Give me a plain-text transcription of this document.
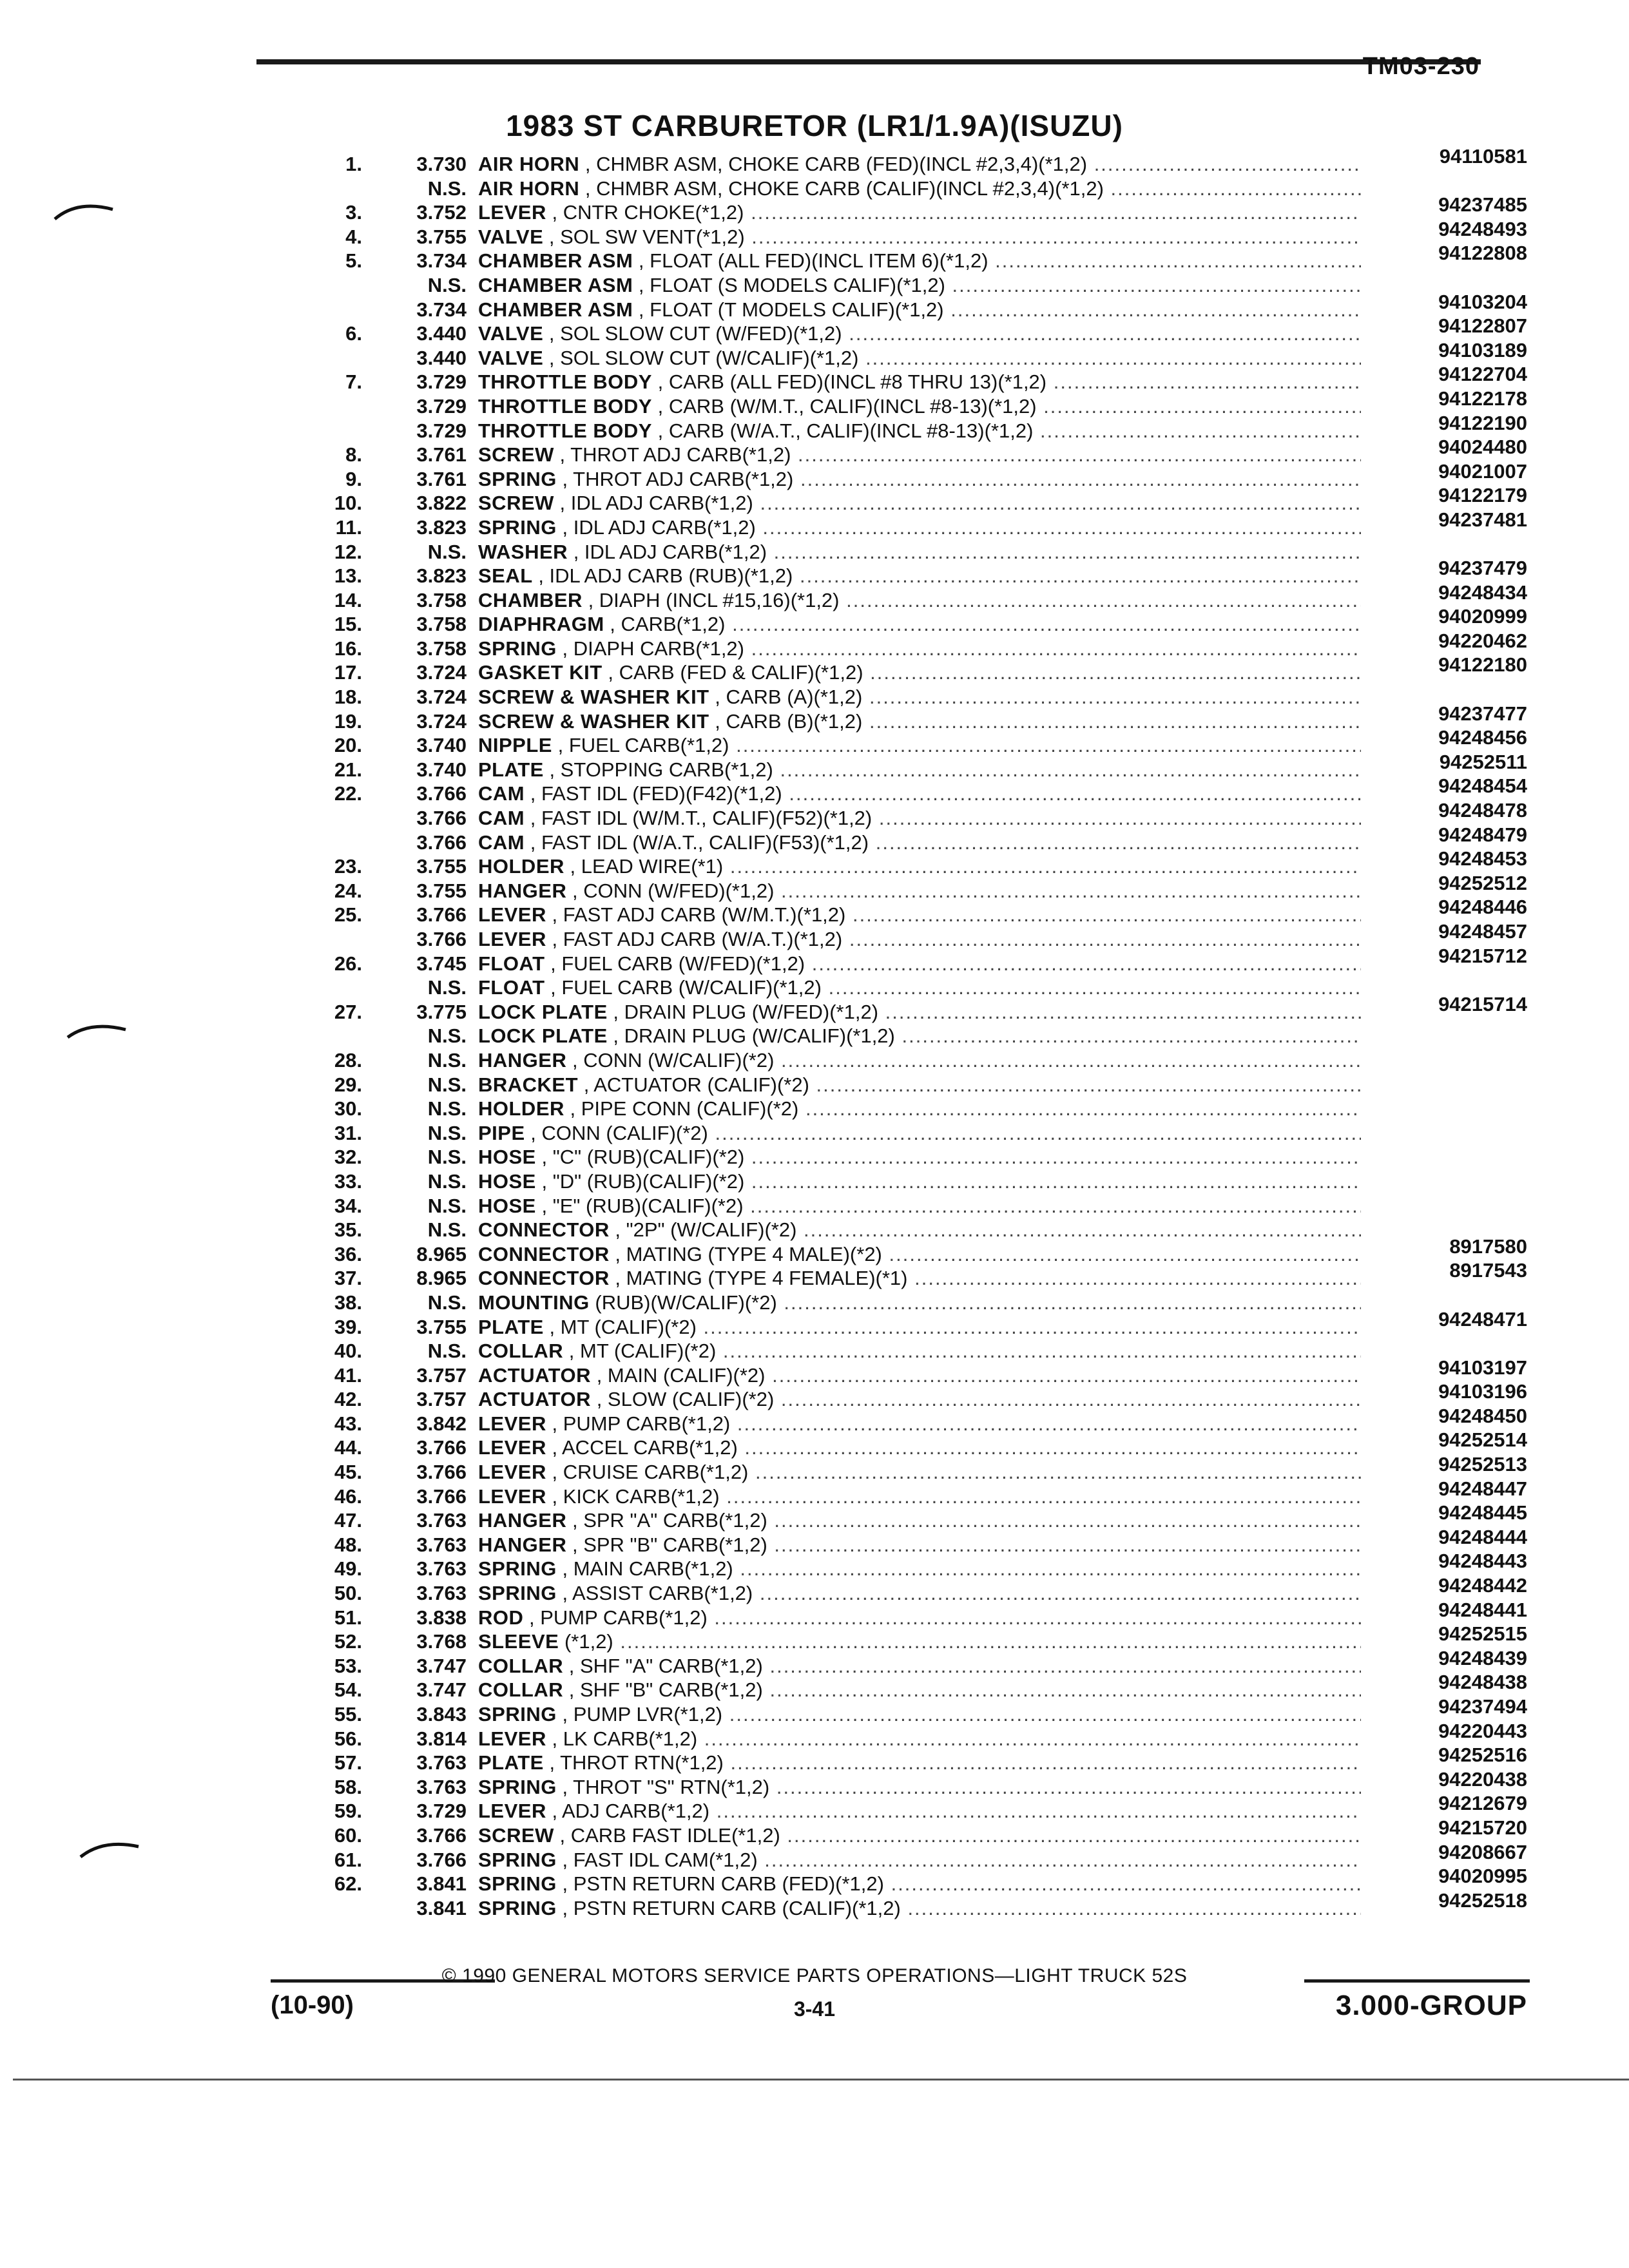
TM03-230
1983 ST CARBURETOR (LR1/1.9A)(ISUZU)
1.	3.730 AIR HORN , CHMBR ASM, CHOKE CARB (FED)(INCL #2,3,4)(*1,2) .....	94110581
N.S. AIR HORN , CHMBR ASM, CHOKE CARB (CALIF)(INCL #2,3,4)(*1,2) .....
3.	3.752 LEVER , CNTR CHOKE(*1,2) .....	94237485
4.	3.755 VALVE , SOL SW VENT(*1,2) .....	94248493
5.	3.734 CHAMBER ASM , FLOAT (ALL FED)(INCL ITEM 6)(*1,2) .....	94122808
N.S. CHAMBER ASM , FLOAT (S MODELS CALIF)(*1,2) .....
3.734 CHAMBER ASM , FLOAT (T MODELS CALIF)(*1,2) .....	94103204
6.	3.440 VALVE , SOL SLOW CUT (W/FED)(*1,2) .....	94122807
3.440 VALVE , SOL SLOW CUT (W/CALIF)(*1,2) .....	94103189
7.	3.729 THROTTLE BODY , CARB (ALL FED)(INCL #8 THRU 13)(*1,2) .....	94122704
3.729 THROTTLE BODY , CARB (W/M.T., CALIF)(INCL #8-13)(*1,2) .....	94122178
3.729 THROTTLE BODY , CARB (W/A.T., CALIF)(INCL #8-13)(*1,2) .....	94122190
8.	3.761 SCREW , THROT ADJ CARB(*1,2) .....	94024480
9.	3.761 SPRING , THROT ADJ CARB(*1,2) .....	94021007
10.	3.822 SCREW , IDL ADJ CARB(*1,2) .....	94122179
11.	3.823 SPRING , IDL ADJ CARB(*1,2) .....	94237481
12.	N.S. WASHER , IDL ADJ CARB(*1,2) .....
13.	3.823 SEAL , IDL ADJ CARB (RUB)(*1,2) .....	94237479
14.	3.758 CHAMBER , DIAPH (INCL #15,16)(*1,2) .....	94248434
15.	3.758 DIAPHRAGM , CARB(*1,2) .....	94020999
16.	3.758 SPRING , DIAPH CARB(*1,2) .....	94220462
17.	3.724 GASKET KIT , CARB (FED & CALIF)(*1,2) .....	94122180
18.	3.724 SCREW & WASHER KIT , CARB (A)(*1,2) .....
19.	3.724 SCREW & WASHER KIT , CARB (B)(*1,2) .....	94237477
20.	3.740 NIPPLE , FUEL CARB(*1,2) .....	94248456
21.	3.740 PLATE , STOPPING CARB(*1,2) .....	94252511
22.	3.766 CAM , FAST IDL (FED)(F42)(*1,2) .....	94248454
3.766 CAM , FAST IDL (W/M.T., CALIF)(F52)(*1,2) .....	94248478
3.766 CAM , FAST IDL (W/A.T., CALIF)(F53)(*1,2) .....	94248479
23.	3.755 HOLDER , LEAD WIRE(*1) .....	94248453
24.	3.755 HANGER , CONN (W/FED)(*1,2) .....	94252512
25.	3.766 LEVER , FAST ADJ CARB (W/M.T.)(*1,2) .....	94248446
3.766 LEVER , FAST ADJ CARB (W/A.T.)(*1,2) .....	94248457
26.	3.745 FLOAT , FUEL CARB (W/FED)(*1,2) .....	94215712
N.S. FLOAT , FUEL CARB (W/CALIF)(*1,2) .....
27.	3.775 LOCK PLATE , DRAIN PLUG (W/FED)(*1,2) .....	94215714
N.S. LOCK PLATE , DRAIN PLUG (W/CALIF)(*1,2) .....
28.	N.S. HANGER , CONN (W/CALIF)(*2) .....
29.	N.S. BRACKET , ACTUATOR (CALIF)(*2) .....
30.	N.S. HOLDER , PIPE CONN (CALIF)(*2) .....
31.	N.S. PIPE , CONN (CALIF)(*2) .....
32.	N.S. HOSE , "C" (RUB)(CALIF)(*2) .....
33.	N.S. HOSE , "D" (RUB)(CALIF)(*2) .....
34.	N.S. HOSE , "E" (RUB)(CALIF)(*2) .....
35.	N.S. CONNECTOR , "2P" (W/CALIF)(*2) .....
36.	8.965 CONNECTOR , MATING (TYPE 4 MALE)(*2) .....	8917580
37.	8.965 CONNECTOR , MATING (TYPE 4 FEMALE)(*1) .....	8917543
38.	N.S. MOUNTING (RUB)(W/CALIF)(*2) .....
39.	3.755 PLATE , MT (CALIF)(*2) .....	94248471
40.	N.S. COLLAR , MT (CALIF)(*2) .....
41.	3.757 ACTUATOR , MAIN (CALIF)(*2) .....	94103197
42.	3.757 ACTUATOR , SLOW (CALIF)(*2) .....	94103196
43.	3.842 LEVER , PUMP CARB(*1,2) .....	94248450
44.	3.766 LEVER , ACCEL CARB(*1,2) .....	94252514
45.	3.766 LEVER , CRUISE CARB(*1,2) .....	94252513
46.	3.766 LEVER , KICK CARB(*1,2) .....	94248447
47.	3.763 HANGER , SPR "A" CARB(*1,2) .....	94248445
48.	3.763 HANGER , SPR "B" CARB(*1,2) .....	94248444
49.	3.763 SPRING , MAIN CARB(*1,2) .....	94248443
50.	3.763 SPRING , ASSIST CARB(*1,2) .....	94248442
51.	3.838 ROD , PUMP CARB(*1,2) .....	94248441
52.	3.768 SLEEVE (*1,2) .....	94252515
53.	3.747 COLLAR , SHF "A" CARB(*1,2) .....	94248439
54.	3.747 COLLAR , SHF "B" CARB(*1,2) .....	94248438
55.	3.843 SPRING , PUMP LVR(*1,2) .....	94237494
56.	3.814 LEVER , LK CARB(*1,2) .....	94220443
57.	3.763 PLATE , THROT RTN(*1,2) .....	94252516
58.	3.763 SPRING , THROT "S" RTN(*1,2) .....	94220438
59.	3.729 LEVER , ADJ CARB(*1,2) .....	94212679
60.	3.766 SCREW , CARB FAST IDLE(*1,2) .....	94215720
61.	3.766 SPRING , FAST IDL CAM(*1,2) .....	94208667
62.	3.841 SPRING , PSTN RETURN CARB (FED)(*1,2) .....	94020995
3.841 SPRING , PSTN RETURN CARB (CALIF)(*1,2) .....	94252518
© 1990 GENERAL MOTORS SERVICE PARTS OPERATIONS—LIGHT TRUCK 52S
(10-90)	3-41	3.000-GROUP
